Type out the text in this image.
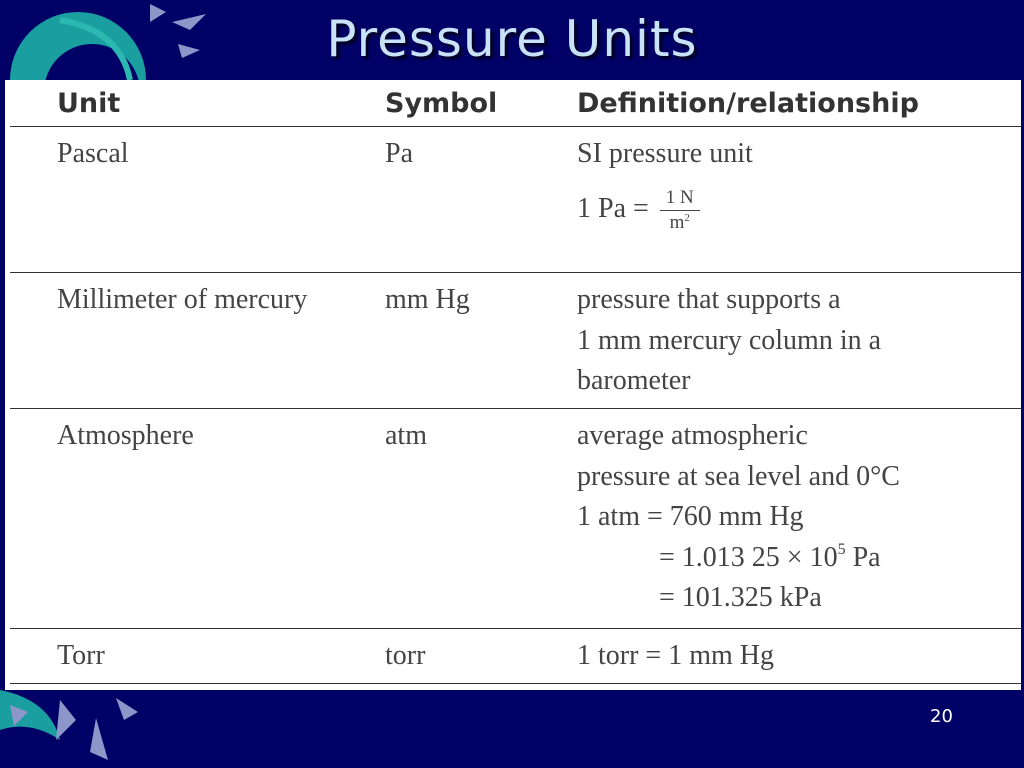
Pressure Units
Unit	Symbol	Definition/relationship
Pascal	Pa	SI pressure unit
1 $Pa = \frac{1 N}{m^2}$

Millimeter of mercury	mm Hg	pressure that supports a
1 mm mercury column in a
barometer

Atmosphere	atm	average atmospheric
pressure at sea level and 0°C
1 atm = 760 mm Hg
= 1.013 $25 \times 10^5$ Pa
= 101.325 kPa

Torr	torr	1 torr = 1 mm Hg
20
